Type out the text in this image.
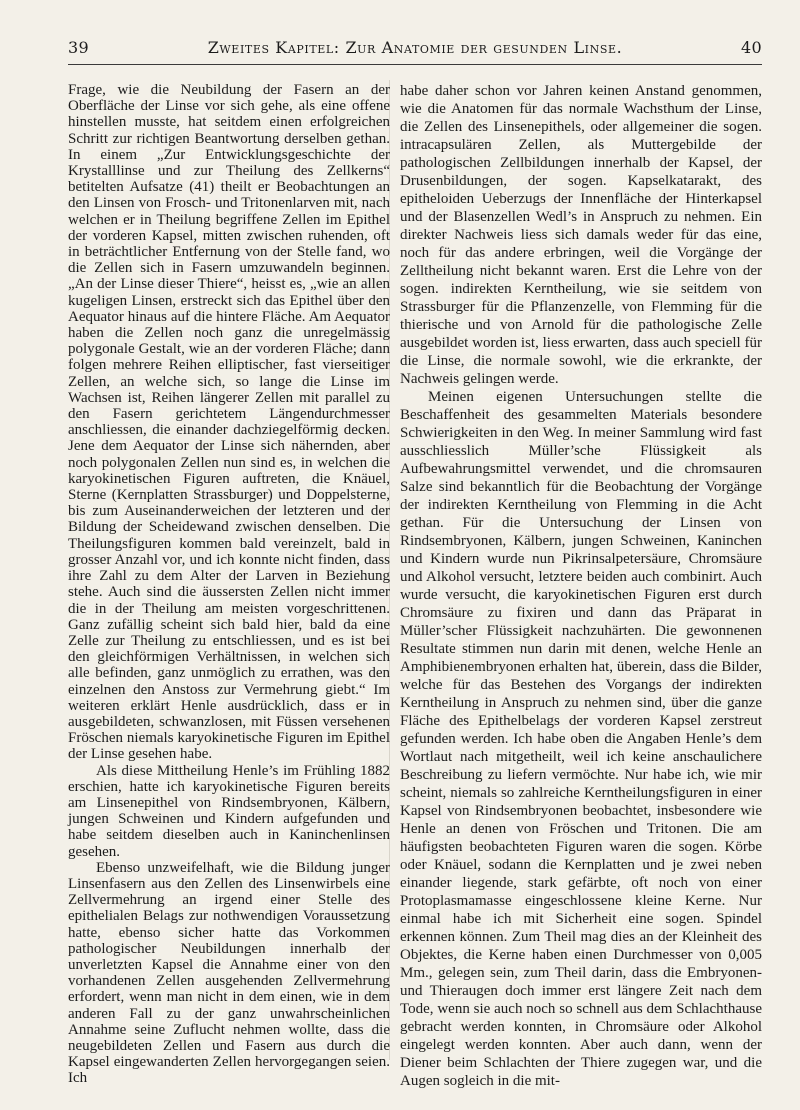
39	Zweites Kapitel: Zur Anatomie der gesunden Linse.	40

Frage, wie die Neubildung der Fasern an der Oberfläche der Linse vor sich gehe, als eine offene hinstellen musste, hat seitdem einen erfolgreichen Schritt zur richtigen Beantwortung derselben gethan. In einem „Zur Entwicklungsgeschichte der Krystalllinse und zur Theilung des Zellkerns“ betitelten Aufsatze (41) theilt er Beobachtungen an den Linsen von Frosch- und Tritonenlarven mit, nach welchen er in Theilung begriffene Zellen im Epithel der vorderen Kapsel, mitten zwischen ruhenden, oft in beträchtlicher Entfernung von der Stelle fand, wo die Zellen sich in Fasern umzuwandeln beginnen. „An der Linse dieser Thiere“, heisst es, „wie an allen kugeligen Linsen, erstreckt sich das Epithel über den Aequator hinaus auf die hintere Fläche. Am Aequator haben die Zellen noch ganz die unregelmässig polygonale Gestalt, wie an der vorderen Fläche; dann folgen mehrere Reihen elliptischer, fast vierseitiger Zellen, an welche sich, so lange die Linse im Wachsen ist, Reihen längerer Zellen mit parallel zu den Fasern gerichtetem Längendurchmesser anschliessen, die einander dachziegelförmig decken. Jene dem Aequator der Linse sich nähernden, aber noch polygonalen Zellen nun sind es, in welchen die karyokinetischen Figuren auftreten, die Knäuel, Sterne (Kernplatten Strassburger) und Doppelsterne, bis zum Auseinanderweichen der letzteren und der Bildung der Scheidewand zwischen denselben. Die Theilungsfiguren kommen bald vereinzelt, bald in grosser Anzahl vor, und ich konnte nicht finden, dass ihre Zahl zu dem Alter der Larven in Beziehung stehe. Auch sind die äussersten Zellen nicht immer die in der Theilung am meisten vorgeschrittenen. Ganz zufällig scheint sich bald hier, bald da eine Zelle zur Theilung zu entschliessen, und es ist bei den gleichförmigen Verhältnissen, in welchen sich alle befinden, ganz unmöglich zu errathen, was den einzelnen den Anstoss zur Vermehrung giebt.“ Im weiteren erklärt Henle ausdrücklich, dass er in ausgebildeten, schwanzlosen, mit Füssen versehenen Fröschen niemals karyokinetische Figuren im Epithel der Linse gesehen habe.

Als diese Mittheilung Henle’s im Frühling 1882 erschien, hatte ich karyokinetische Figuren bereits am Linsenepithel von Rindsembryonen, Kälbern, jungen Schweinen und Kindern aufgefunden und habe seitdem dieselben auch in Kaninchenlinsen gesehen.

Ebenso unzweifelhaft, wie die Bildung junger Linsenfasern aus den Zellen des Linsenwirbels eine Zellvermehrung an irgend einer Stelle des epithelialen Belags zur nothwendigen Voraussetzung hatte, ebenso sicher hatte das Vorkommen pathologischer Neubildungen innerhalb der unverletzten Kapsel die Annahme einer von den vorhandenen Zellen ausgehenden Zellvermehrung erfordert, wenn man nicht in dem einen, wie in dem anderen Fall zu der ganz unwahrscheinlichen Annahme seine Zuflucht nehmen wollte, dass die neugebildeten Zellen und Fasern aus durch die Kapsel eingewanderten Zellen hervorgegangen seien. Ich

habe daher schon vor Jahren keinen Anstand genommen, wie die Anatomen für das normale Wachsthum der Linse, die Zellen des Linsenepithels, oder allgemeiner die sogen. intracapsulären Zellen, als Muttergebilde der pathologischen Zellbildungen innerhalb der Kapsel, der Drusenbildungen, der sogen. Kapselkatarakt, des epitheloiden Ueberzugs der Innenfläche der Hinterkapsel und der Blasenzellen Wedl’s in Anspruch zu nehmen. Ein direkter Nachweis liess sich damals weder für das eine, noch für das andere erbringen, weil die Vorgänge der Zelltheilung nicht bekannt waren. Erst die Lehre von der sogen. indirekten Kerntheilung, wie sie seitdem von Strassburger für die Pflanzenzelle, von Flemming für die thierische und von Arnold für die pathologische Zelle ausgebildet worden ist, liess erwarten, dass auch speciell für die Linse, die normale sowohl, wie die erkrankte, der Nachweis gelingen werde.

Meinen eigenen Untersuchungen stellte die Beschaffenheit des gesammelten Materials besondere Schwierigkeiten in den Weg. In meiner Sammlung wird fast ausschliesslich Müller’sche Flüssigkeit als Aufbewahrungsmittel verwendet, und die chromsauren Salze sind bekanntlich für die Beobachtung der Vorgänge der indirekten Kerntheilung von Flemming in die Acht gethan. Für die Untersuchung der Linsen von Rindsembryonen, Kälbern, jungen Schweinen, Kaninchen und Kindern wurde nun Pikrinsalpetersäure, Chromsäure und Alkohol versucht, letztere beiden auch combinirt. Auch wurde versucht, die karyokinetischen Figuren erst durch Chromsäure zu fixiren und dann das Präparat in Müller’scher Flüssigkeit nachzuhärten. Die gewonnenen Resultate stimmen nun darin mit denen, welche Henle an Amphibienembryonen erhalten hat, überein, dass die Bilder, welche für das Bestehen des Vorgangs der indirekten Kerntheilung in Anspruch zu nehmen sind, über die ganze Fläche des Epithelbelags der vorderen Kapsel zerstreut gefunden werden. Ich habe oben die Angaben Henle’s dem Wortlaut nach mitgetheilt, weil ich keine anschaulichere Beschreibung zu liefern vermöchte. Nur habe ich, wie mir scheint, niemals so zahlreiche Kerntheilungsfiguren in einer Kapsel von Rindsembryonen beobachtet, insbesondere wie Henle an denen von Fröschen und Tritonen. Die am häufigsten beobachteten Figuren waren die sogen. Körbe oder Knäuel, sodann die Kernplatten und je zwei neben einander liegende, stark gefärbte, oft noch von einer Protoplasmamasse eingeschlossene kleine Kerne. Nur einmal habe ich mit Sicherheit eine sogen. Spindel erkennen können. Zum Theil mag dies an der Kleinheit des Objektes, die Kerne haben einen Durchmesser von 0,005 Mm., gelegen sein, zum Theil darin, dass die Embryonen- und Thieraugen doch immer erst längere Zeit nach dem Tode, wenn sie auch noch so schnell aus dem Schlachthause gebracht werden konnten, in Chromsäure oder Alkohol eingelegt werden konnten. Aber auch dann, wenn der Diener beim Schlachten der Thiere zugegen war, und die Augen sogleich in die mit-
